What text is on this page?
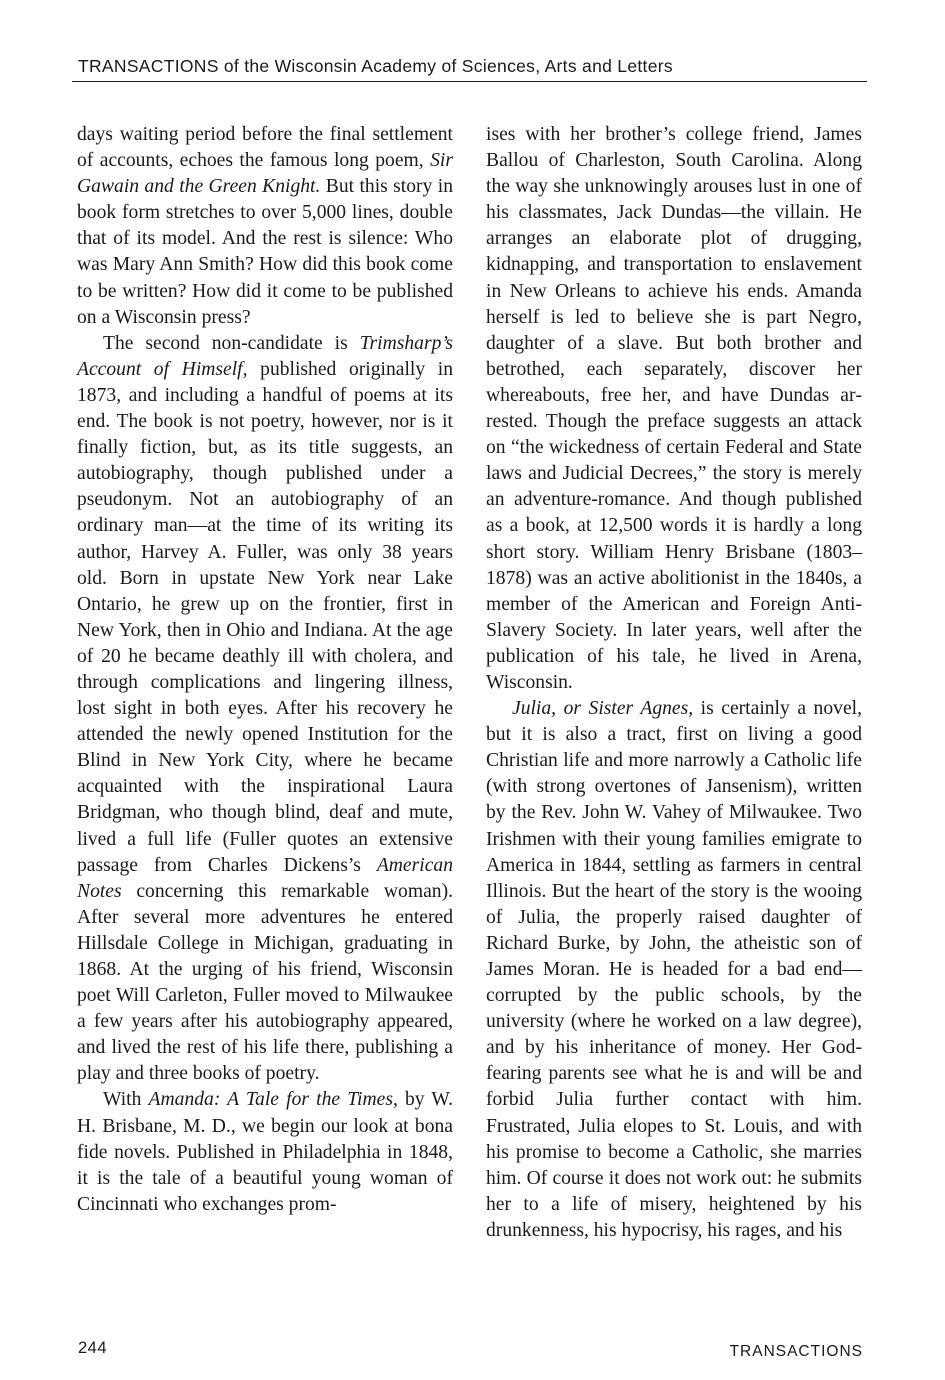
TRANSACTIONS of the Wisconsin Academy of Sciences, Arts and Letters

days waiting period before the final settlement of accounts, echoes the famous long poem, Sir Gawain and the Green Knight. But this story in book form stretches to over 5,000 lines, double that of its model. And the rest is silence: Who was Mary Ann Smith? How did this book come to be written? How did it come to be published on a Wisconsin press?

The second non-candidate is Trimsharp’s Account of Himself, published originally in 1873, and including a handful of poems at its end. The book is not poetry, however, nor is it finally fiction, but, as its title suggests, an autobiography, though published under a pseudonym. Not an autobiography of an ordinary man—at the time of its writing its author, Harvey A. Fuller, was only 38 years old. Born in upstate New York near Lake Ontario, he grew up on the frontier, first in New York, then in Ohio and Indiana. At the age of 20 he became deathly ill with cholera, and through complications and lingering illness, lost sight in both eyes. After his recovery he attended the newly opened Institution for the Blind in New York City, where he became acquainted with the inspirational Laura Bridgman, who though blind, deaf and mute, lived a full life (Fuller quotes an extensive passage from Charles Dickens’s American Notes concerning this remarkable woman). After several more adventures he entered Hillsdale College in Michigan, graduating in 1868. At the urging of his friend, Wisconsin poet Will Carleton, Fuller moved to Milwaukee a few years after his autobiography appeared, and lived the rest of his life there, publishing a play and three books of poetry.

With Amanda: A Tale for the Times, by W. H. Brisbane, M. D., we begin our look at bona fide novels. Published in Philadelphia in 1848, it is the tale of a beautiful young woman of Cincinnati who exchanges prom-

ises with her brother’s college friend, James Ballou of Charleston, South Carolina. Along the way she unknowingly arouses lust in one of his classmates, Jack Dundas—the villain. He arranges an elaborate plot of drugging, kidnapping, and transportation to enslavement in New Orleans to achieve his ends. Amanda herself is led to believe she is part Negro, daughter of a slave. But both brother and betrothed, each separately, discover her whereabouts, free her, and have Dundas arrested. Though the preface suggests an attack on “the wickedness of certain Federal and State laws and Judicial Decrees,” the story is merely an adventure-romance. And though published as a book, at 12,500 words it is hardly a long short story. William Henry Brisbane (1803–1878) was an active abolitionist in the 1840s, a member of the American and Foreign Anti-Slavery Society. In later years, well after the publication of his tale, he lived in Arena, Wisconsin.

Julia, or Sister Agnes, is certainly a novel, but it is also a tract, first on living a good Christian life and more narrowly a Catholic life (with strong overtones of Jansenism), written by the Rev. John W. Vahey of Milwaukee. Two Irishmen with their young families emigrate to America in 1844, settling as farmers in central Illinois. But the heart of the story is the wooing of Julia, the properly raised daughter of Richard Burke, by John, the atheistic son of James Moran. He is headed for a bad end—corrupted by the public schools, by the university (where he worked on a law degree), and by his inheritance of money. Her God-fearing parents see what he is and will be and forbid Julia further contact with him. Frustrated, Julia elopes to St. Louis, and with his promise to become a Catholic, she marries him. Of course it does not work out: he submits her to a life of misery, heightened by his drunkenness, his hypocrisy, his rages, and his

244	TRANSACTIONS
